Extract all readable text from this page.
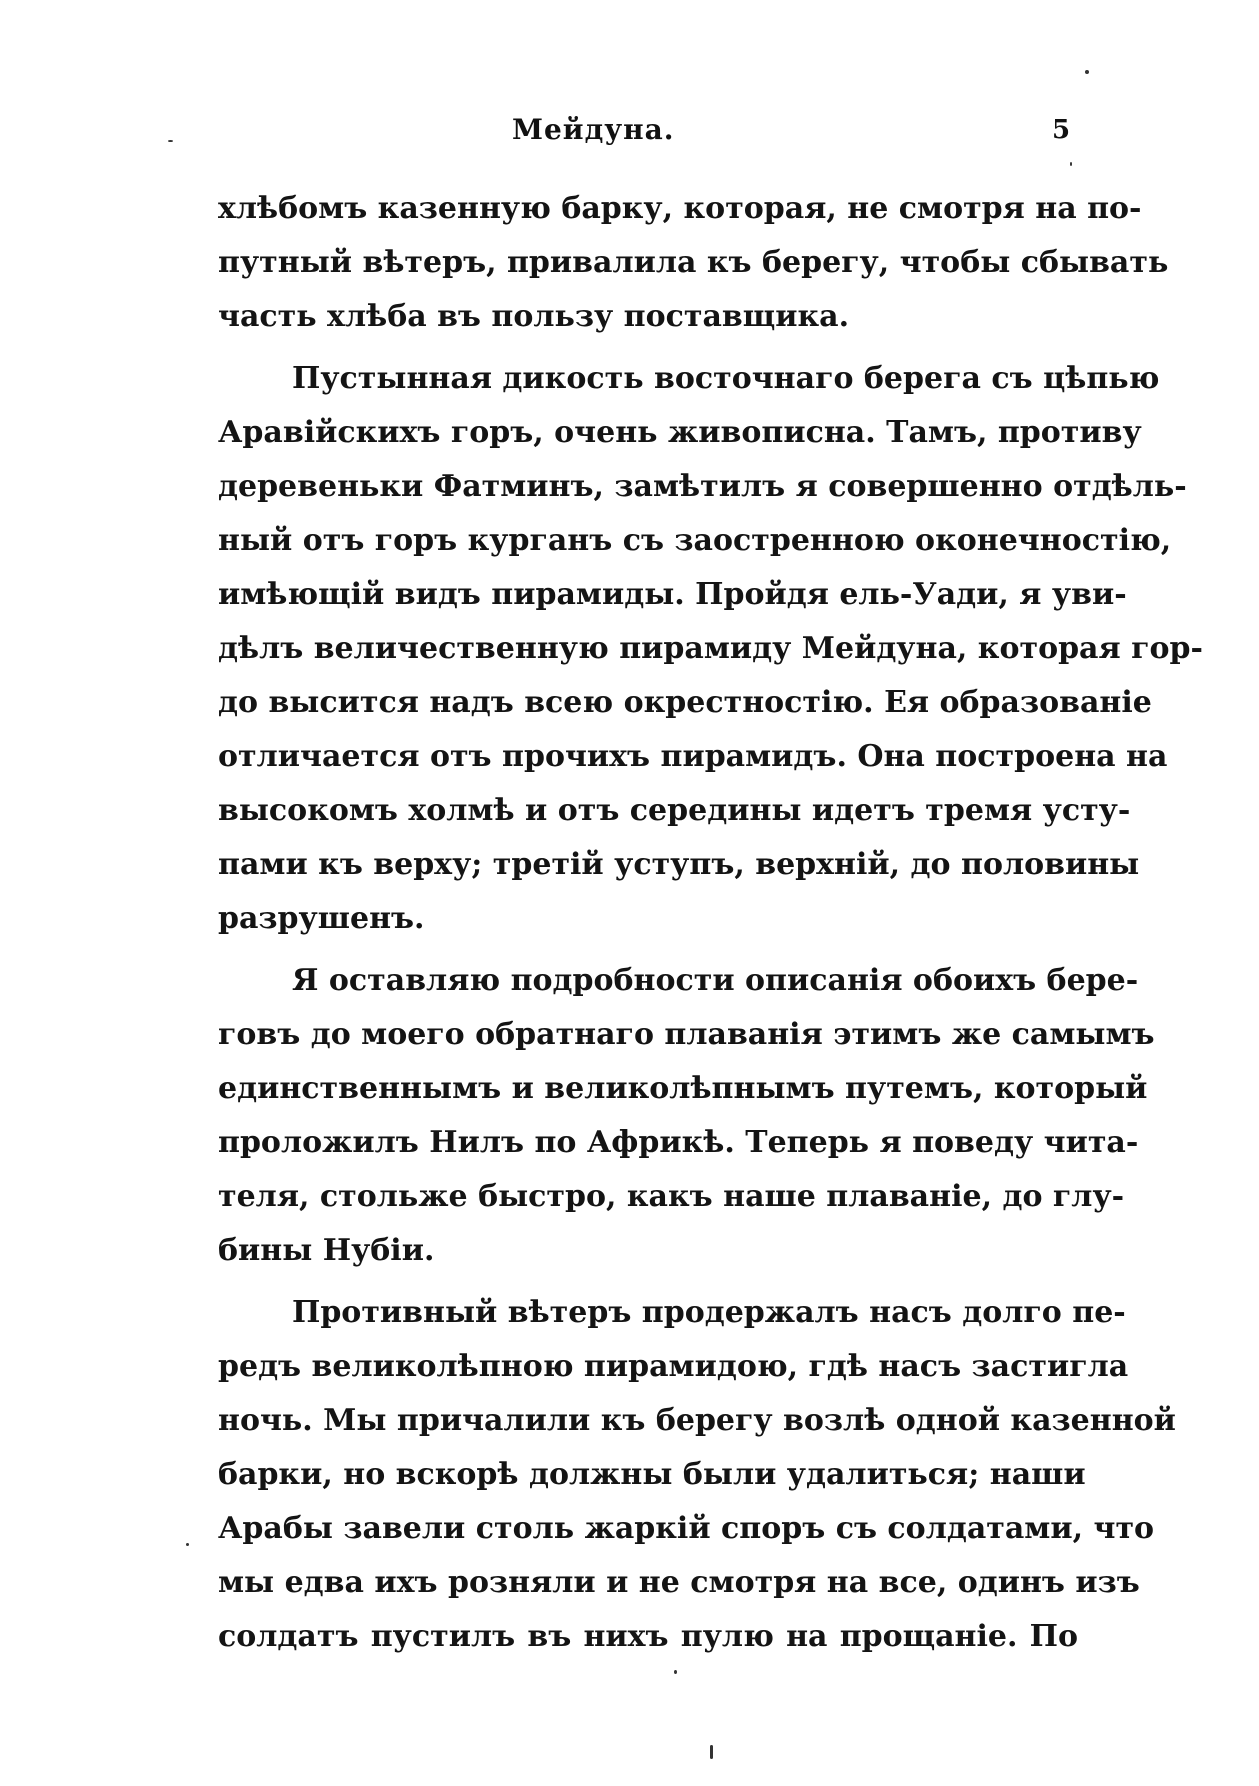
Мейдуна.	5
хлѣбомъ казенную барку, которая, не смотря на по-
путный вѣтеръ, привалила къ берегу, чтобы сбывать
часть хлѣба въ пользу поставщика.
Пустынная дикость восточнаго берега съ цѣпью
Аравійскихъ горъ, очень живописна. Тамъ, противу
деревеньки Фатминъ, замѣтилъ я совершенно отдѣль-
ный отъ горъ курганъ съ заостренною оконечностію,
имѣющій видъ пирамиды. Пройдя ель-Уади, я уви-
дѣлъ величественную пирамиду Мейдуна, которая гор-
до высится надъ всею окрестностію. Ея образованіе
отличается отъ прочихъ пирамидъ. Она построена на
высокомъ холмѣ и отъ середины идетъ тремя усту-
пами къ верху; третій уступъ, верхній, до половины
разрушенъ.
Я оставляю подробности описанія обоихъ бере-
говъ до моего обратнаго плаванія этимъ же самымъ
единственнымъ и великолѣпнымъ путемъ, который
проложилъ Нилъ по Африкѣ. Теперь я поведу чита-
теля, стольже быстро, какъ наше плаваніе, до глу-
бины Нубіи.
Противный вѣтеръ продержалъ насъ долго пе-
редъ великолѣпною пирамидою, гдѣ насъ застигла
ночь. Мы причалили къ берегу возлѣ одной казенной
барки, но вскорѣ должны были удалиться; наши
Арабы завели столь жаркій споръ съ солдатами, что
мы едва ихъ розняли и не смотря на все, одинъ изъ
солдатъ пустилъ въ нихъ пулю на прощаніе. По
